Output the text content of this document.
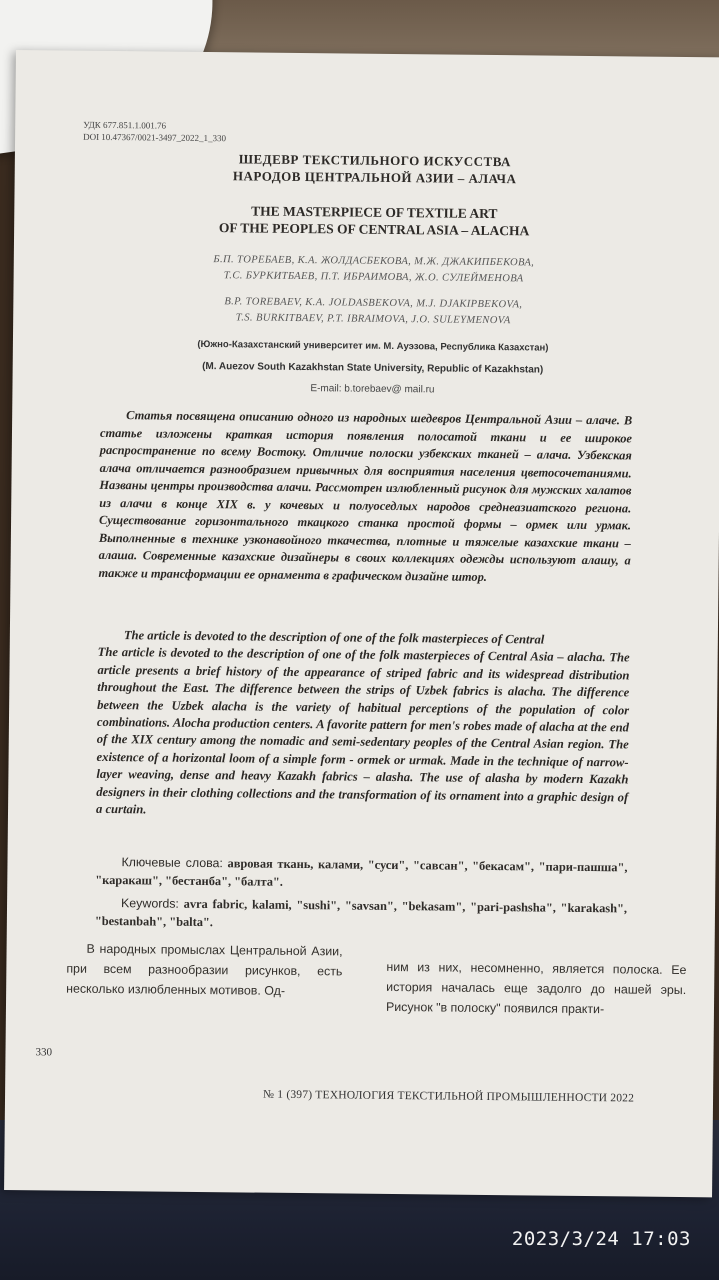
УДК 677.851.1.001.76
DOI 10.47367/0021-3497_2022_1_330
ШЕДЕВР ТЕКСТИЛЬНОГО ИСКУССТВА
НАРОДОВ ЦЕНТРАЛЬНОЙ АЗИИ – АЛАЧА
THE MASTERPIECE OF TEXTILE ART
OF THE PEOPLES OF CENTRAL ASIA – ALACHA
Б.П. ТОРЕБАЕВ, К.А. ЖОЛДАСБЕКОВА, М.Ж. ДЖАКИПБЕКОВА,
Т.С. БУРКИТБАЕВ, П.Т. ИБРАИМОВА, Ж.О. СУЛЕЙМЕНОВА
B.P. TOREBAEV, K.A. JOLDASBEKOVA, M.J. DJAKIPBEKOVA,
T.S. BURKITBAEV, P.T. IBRAIMOVA, J.O. SULEYMENOVA
(Южно-Казахстанский университет им. М. Ауэзова, Республика Казахстан)
(M. Auezov South Kazakhstan State University, Republic of Kazakhstan)
E-mail: b.torebaev@ mail.ru

Статья посвящена описанию одного из народных шедевров Центральной Азии – алаче. В статье изложены краткая история появления полосатой ткани и ее широкое распространение по всему Востоку. Отличие полоски узбекских тканей – алача. Узбекская алача отличается разнообразием привычных для восприятия населения цветосочетаниями. Названы центры производства алачи. Рассмотрен излюбленный рисунок для мужских халатов из алачи в конце XIX в. у кочевых и полуоседлых народов среднеазиатского региона. Существование горизонтального ткацкого станка простой формы – ормек или урмак. Выполненные в технике узконавойного ткачества, плотные и тяжелые казахские ткани – алаша. Современные казахские дизайнеры в своих коллекциях одежды используют алашу, а также и трансформации ее орнамента в графическом дизайне штор.

The article is devoted to the description of one of the folk masterpieces of Central
The article is devoted to the description of one of the folk masterpieces of Central Asia – alacha. The article presents a brief history of the appearance of striped fabric and its widespread distribution throughout the East. The difference between the strips of Uzbek fabrics is alacha. The difference between the Uzbek alacha is the variety of habitual perceptions of the population of color combinations. Alocha production centers. A favorite pattern for men's robes made of alacha at the end of the XIX century among the nomadic and semi-sedentary peoples of the Central Asian region. The existence of a horizontal loom of a simple form - ormek or urmak. Made in the technique of narrow-layer weaving, dense and heavy Kazakh fabrics – alasha. The use of alasha by modern Kazakh designers in their clothing collections and the transformation of its ornament into a graphic design of a curtain.

Ключевые слова: авровая ткань, калами, "суси", "савсан", "бекасам", "пари-пашша", "каракаш", "бестанба", "балта".

Keywords: avra fabric, kalami, "sushi", "savsan", "bekasam", "pari-pashsha", "karakash", "bestanbah", "balta".

В народных промыслах Центральной Азии, при всем разнообразии рисунков, есть несколько излюбленных мотивов. Од-

ним из них, несомненно, является полоска. Ее история началась еще задолго до нашей эры. Рисунок "в полоску" появился практи-

330
№ 1 (397) ТЕХНОЛОГИЯ ТЕКСТИЛЬНОЙ ПРОМЫШЛЕННОСТИ 2022
2023/3/24 17:03
